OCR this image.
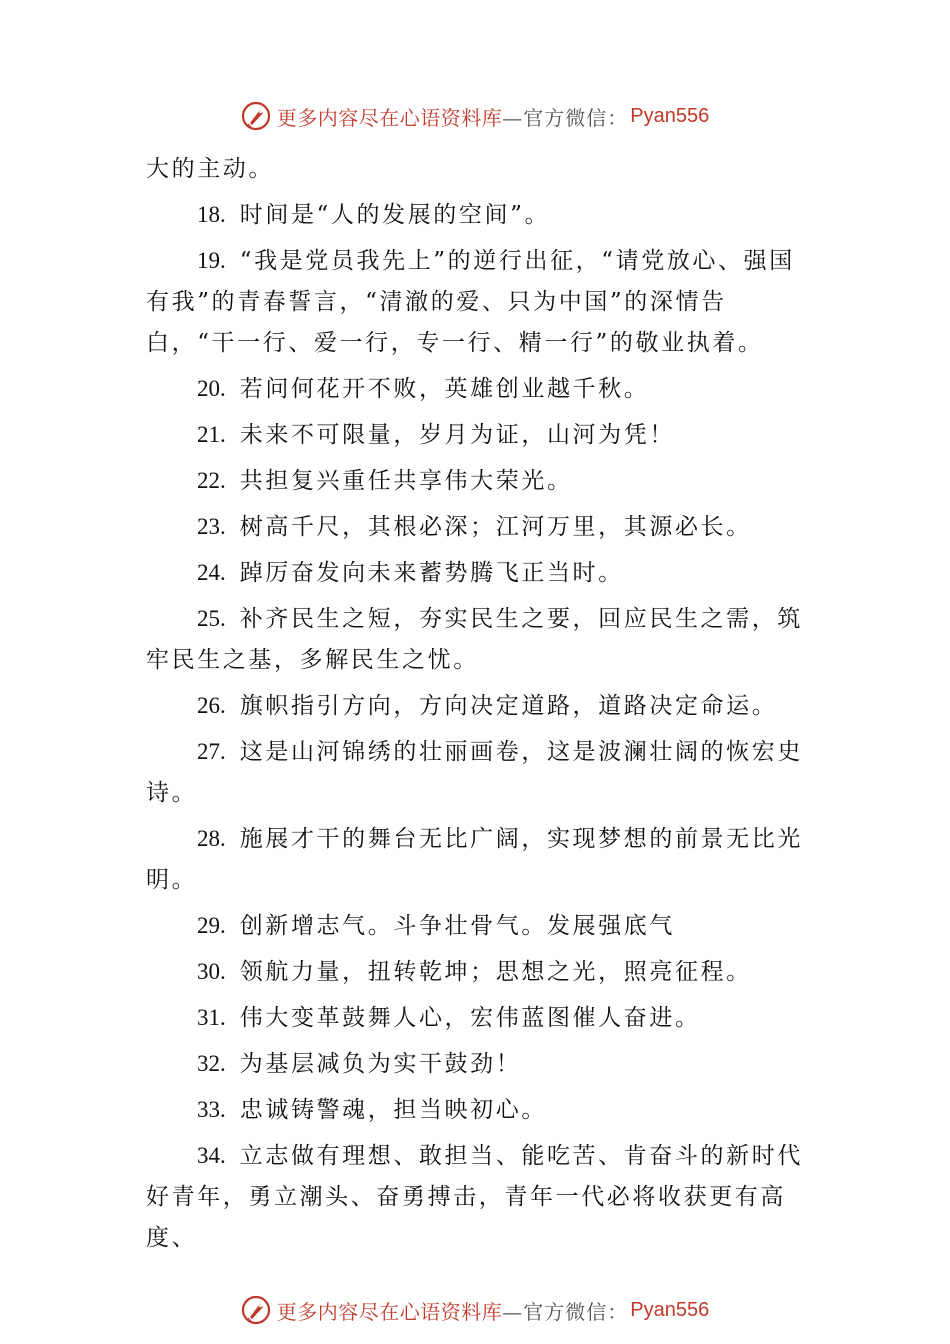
更多内容尽在心语资料库 —官方微信： Pyan556

大的主动。

18. 时间是“人的发展的空间”。

19. “我是党员我先上”的逆行出征，“请党放心、强国有我”的青春誓言，“清澈的爱、只为中国”的深情告白，“干一行、爱一行，专一行、精一行”的敬业执着。

20. 若问何花开不败，英雄创业越千秋。

21. 未来不可限量，岁月为证，山河为凭！

22. 共担复兴重任共享伟大荣光。

23. 树高千尺，其根必深；江河万里，其源必长。

24. 踔厉奋发向未来蓄势腾飞正当时。

25. 补齐民生之短，夯实民生之要，回应民生之需，筑牢民生之基，多解民生之忧。

26. 旗帜指引方向，方向决定道路，道路决定命运。

27. 这是山河锦绣的壮丽画卷，这是波澜壮阔的恢宏史诗。

28. 施展才干的舞台无比广阔，实现梦想的前景无比光明。

29. 创新增志气。斗争壮骨气。发展强底气

30. 领航力量，扭转乾坤；思想之光，照亮征程。

31. 伟大变革鼓舞人心，宏伟蓝图催人奋进。

32. 为基层减负为实干鼓劲！

33. 忠诚铸警魂，担当映初心。

34. 立志做有理想、敢担当、能吃苦、肯奋斗的新时代好青年，勇立潮头、奋勇搏击，青年一代必将收获更有高度、

更多内容尽在心语资料库 —官方微信： Pyan556
